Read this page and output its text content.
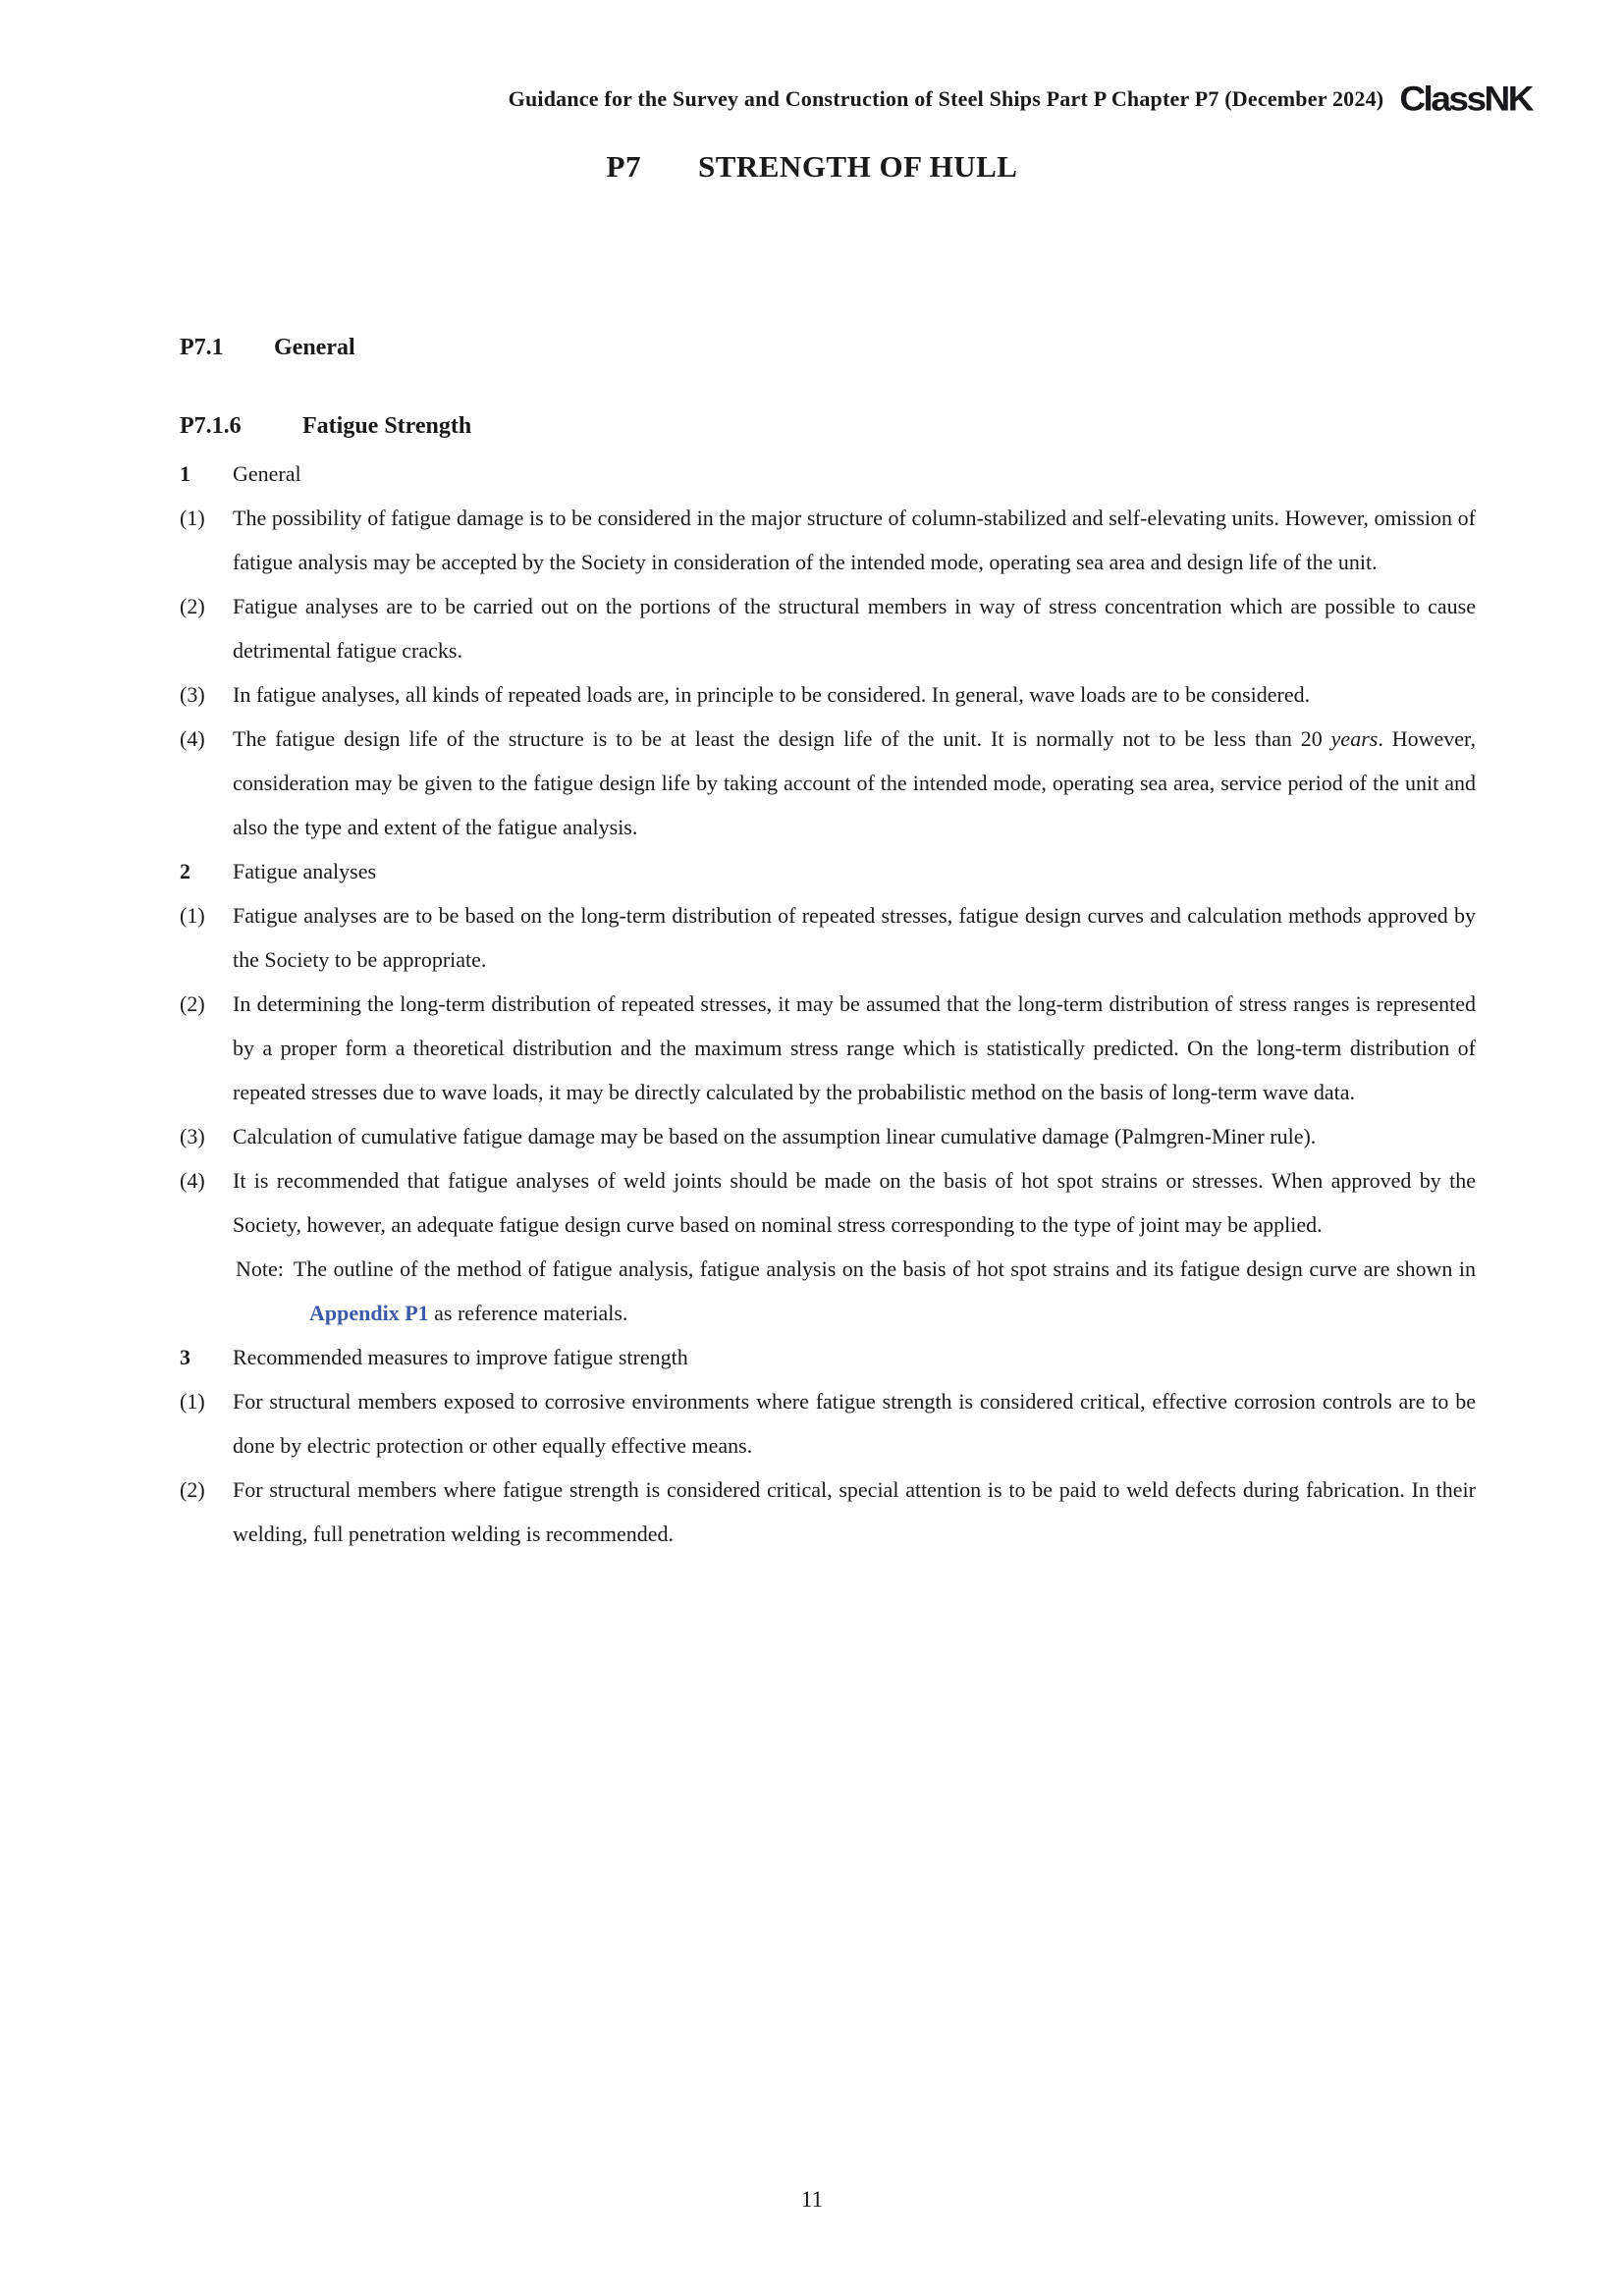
Guidance for the Survey and Construction of Steel Ships Part P Chapter P7 (December 2024) ClassNK
P7 STRENGTH OF HULL
P7.1 General
P7.1.6	Fatigue Strength

1 General

(1) The possibility of fatigue damage is to be considered in the major structure of column-stabilized and self-elevating units. However, omission of fatigue analysis may be accepted by the Society in consideration of the intended mode, operating sea area and design life of the unit.

(2) Fatigue analyses are to be carried out on the portions of the structural members in way of stress concentration which are possible to cause detrimental fatigue cracks.

(3) In fatigue analyses, all kinds of repeated loads are, in principle to be considered. In general, wave loads are to be considered.

(4) The fatigue design life of the structure is to be at least the design life of the unit. It is normally not to be less than 20 years. However, consideration may be given to the fatigue design life by taking account of the intended mode, operating sea area, service period of the unit and also the type and extent of the fatigue analysis.

2 Fatigue analyses

(1) Fatigue analyses are to be based on the long-term distribution of repeated stresses, fatigue design curves and calculation methods approved by the Society to be appropriate.

(2) In determining the long-term distribution of repeated stresses, it may be assumed that the long-term distribution of stress ranges is represented by a proper form a theoretical distribution and the maximum stress range which is statistically predicted. On the long-term distribution of repeated stresses due to wave loads, it may be directly calculated by the probabilistic method on the basis of long-term wave data.

(3) Calculation of cumulative fatigue damage may be based on the assumption linear cumulative damage (Palmgren-Miner rule).

(4) It is recommended that fatigue analyses of weld joints should be made on the basis of hot spot strains or stresses. When approved by the Society, however, an adequate fatigue design curve based on nominal stress corresponding to the type of joint may be applied.

Note: The outline of the method of fatigue analysis, fatigue analysis on the basis of hot spot strains and its fatigue design curve are shown in Appendix P1 as reference materials.

3 Recommended measures to improve fatigue strength

(1) For structural members exposed to corrosive environments where fatigue strength is considered critical, effective corrosion controls are to be done by electric protection or other equally effective means.

(2) For structural members where fatigue strength is considered critical, special attention is to be paid to weld defects during fabrication. In their welding, full penetration welding is recommended.

11
